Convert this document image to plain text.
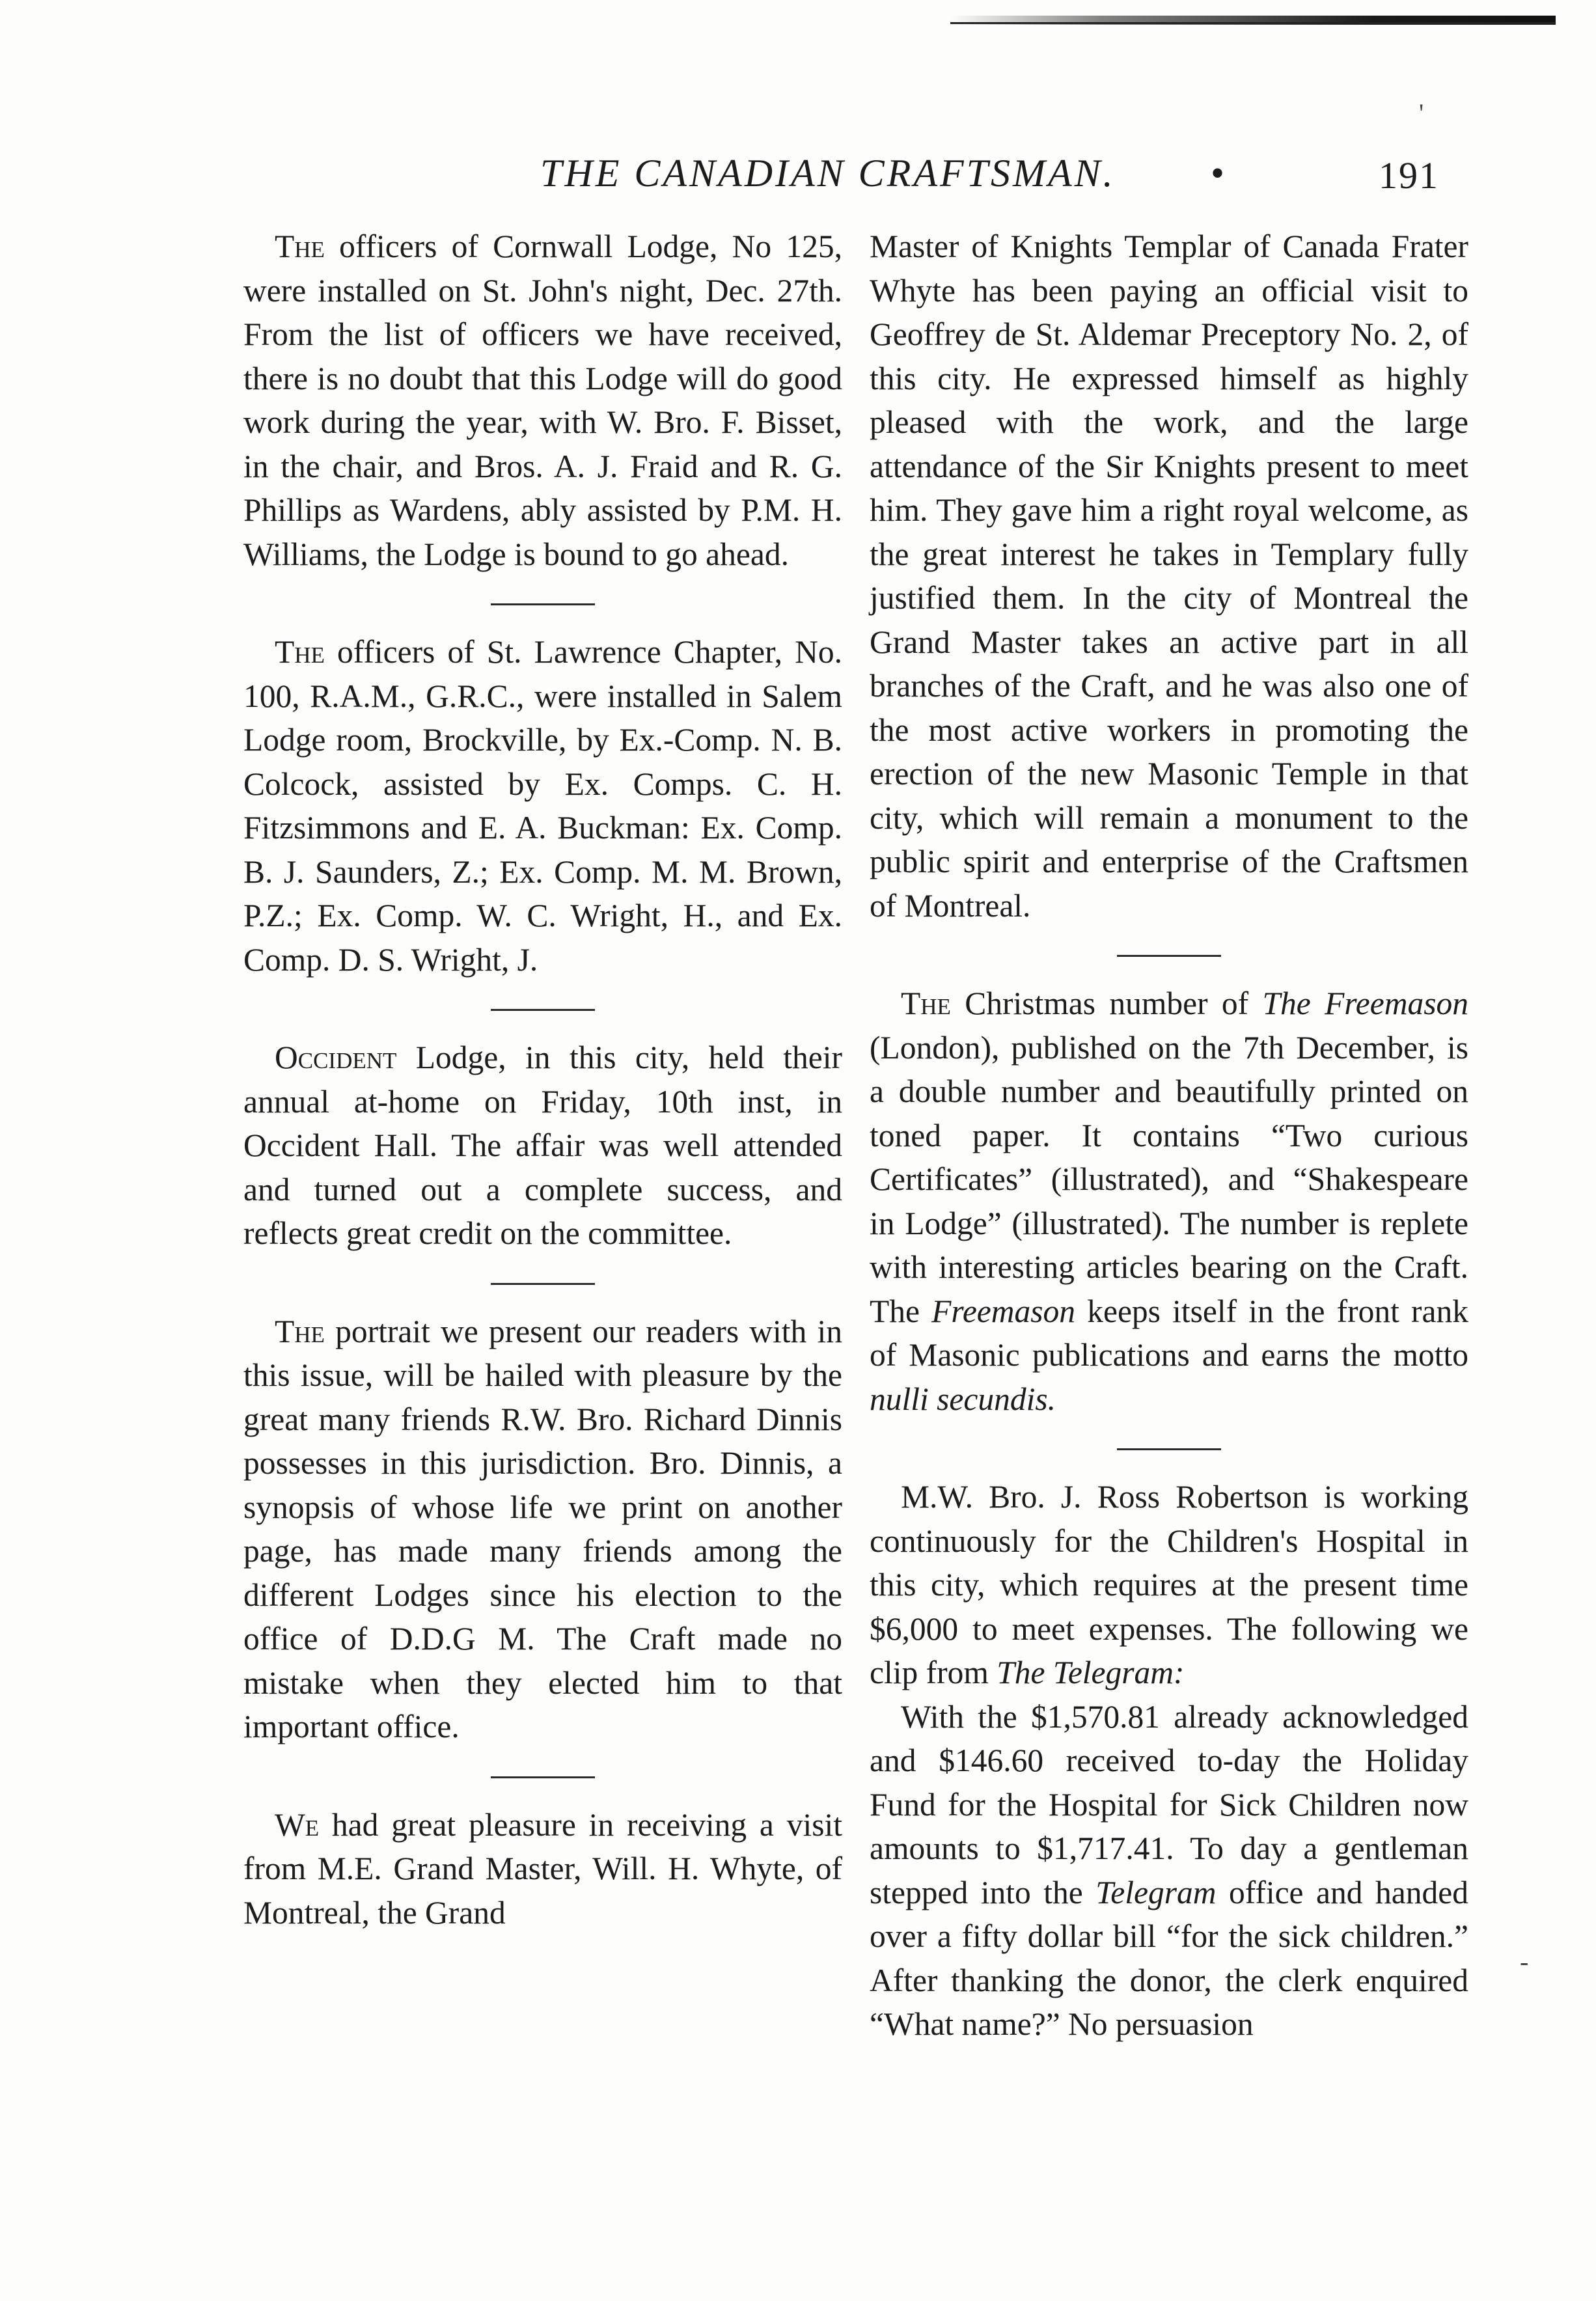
THE CANADIAN CRAFTSMAN. •	191

The officers of Cornwall Lodge, No 125, were installed on St. John's night, Dec. 27th. From the list of officers we have received, there is no doubt that this Lodge will do good work during the year, with W. Bro. F. Bisset, in the chair, and Bros. A. J. Fraid and R. G. Phillips as Wardens, ably assisted by P.M. H. Williams, the Lodge is bound to go ahead.

The officers of St. Lawrence Chapter, No. 100, R.A.M., G.R.C., were installed in Salem Lodge room, Brockville, by Ex.-Comp. N. B. Colcock, assisted by Ex. Comps. C. H. Fitzsimmons and E. A. Buckman: Ex. Comp. B. J. Saunders, Z.; Ex. Comp. M. M. Brown, P.Z.; Ex. Comp. W. C. Wright, H., and Ex. Comp. D. S. Wright, J.

Occident Lodge, in this city, held their annual at-home on Friday, 10th inst, in Occident Hall. The affair was well attended and turned out a complete success, and reflects great credit on the committee.

The portrait we present our readers with in this issue, will be hailed with pleasure by the great many friends R.W. Bro. Richard Dinnis possesses in this jurisdiction. Bro. Dinnis, a synopsis of whose life we print on another page, has made many friends among the different Lodges since his election to the office of D.D.G M. The Craft made no mistake when they elected him to that important office.

We had great pleasure in receiving a visit from M.E. Grand Master, Will. H. Whyte, of Montreal, the Grand

Master of Knights Templar of Canada Frater Whyte has been paying an official visit to Geoffrey de St. Aldemar Preceptory No. 2, of this city. He expressed himself as highly pleased with the work, and the large attendance of the Sir Knights present to meet him. They gave him a right royal welcome, as the great interest he takes in Templary fully justified them. In the city of Montreal the Grand Master takes an active part in all branches of the Craft, and he was also one of the most active workers in promoting the erection of the new Masonic Temple in that city, which will remain a monument to the public spirit and enterprise of the Craftsmen of Montreal.

The Christmas number of The Freemason (London), published on the 7th December, is a double number and beautifully printed on toned paper. It contains “Two curious Certificates” (illustrated), and “Shakespeare in Lodge” (illustrated). The number is replete with interesting articles bearing on the Craft. The Freemason keeps itself in the front rank of Masonic publications and earns the motto nulli secundis.

M.W. Bro. J. Ross Robertson is working continuously for the Children's Hospital in this city, which requires at the present time $6,000 to meet expenses. The following we clip from The Telegram:

With the $1,570.81 already acknowledged and $146.60 received to-day the Holiday Fund for the Hospital for Sick Children now amounts to $1,717.41. To day a gentleman stepped into the Telegram office and handed over a fifty dollar bill “for the sick children.” After thanking the donor, the clerk enquired “What name?” No persuasion

'
-
